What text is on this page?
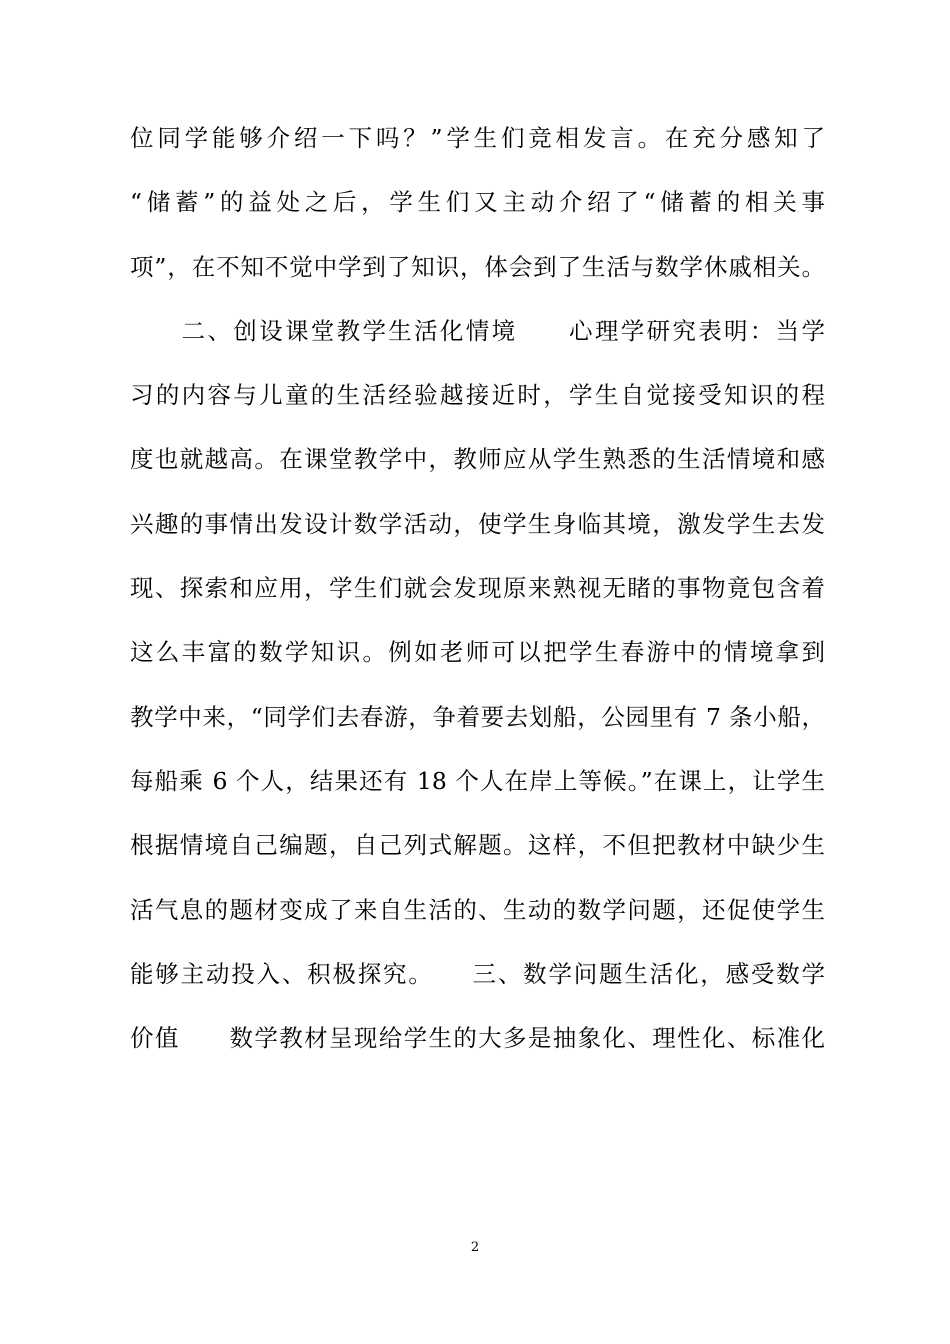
位同学能够介绍一下吗？”学生们竞相发言。在充分感知了
“储蓄”的益处之后，学生们又主动介绍了“储蓄的相关事
项”，在不知不觉中学到了知识，体会到了生活与数学休戚相关。
　　二、创设课堂教学生活化情境　　心理学研究表明：当学
习的内容与儿童的生活经验越接近时，学生自觉接受知识的程
度也就越高。在课堂教学中，教师应从学生熟悉的生活情境和感
兴趣的事情出发设计数学活动，使学生身临其境，激发学生去发
现、探索和应用，学生们就会发现原来熟视无睹的事物竟包含着
这么丰富的数学知识。例如老师可以把学生春游中的情境拿到
教学中来，“同学们去春游，争着要去划船，公园里有 7 条小船，
每船乘 6 个人，结果还有 18 个人在岸上等候。”在课上，让学生
根据情境自己编题，自己列式解题。这样，不但把教材中缺少生
活气息的题材变成了来自生活的、生动的数学问题，还促使学生
能够主动投入、积极探究。　　三、数学问题生活化，感受数学
价值　　数学教材呈现给学生的大多是抽象化、理性化、标准化
2
